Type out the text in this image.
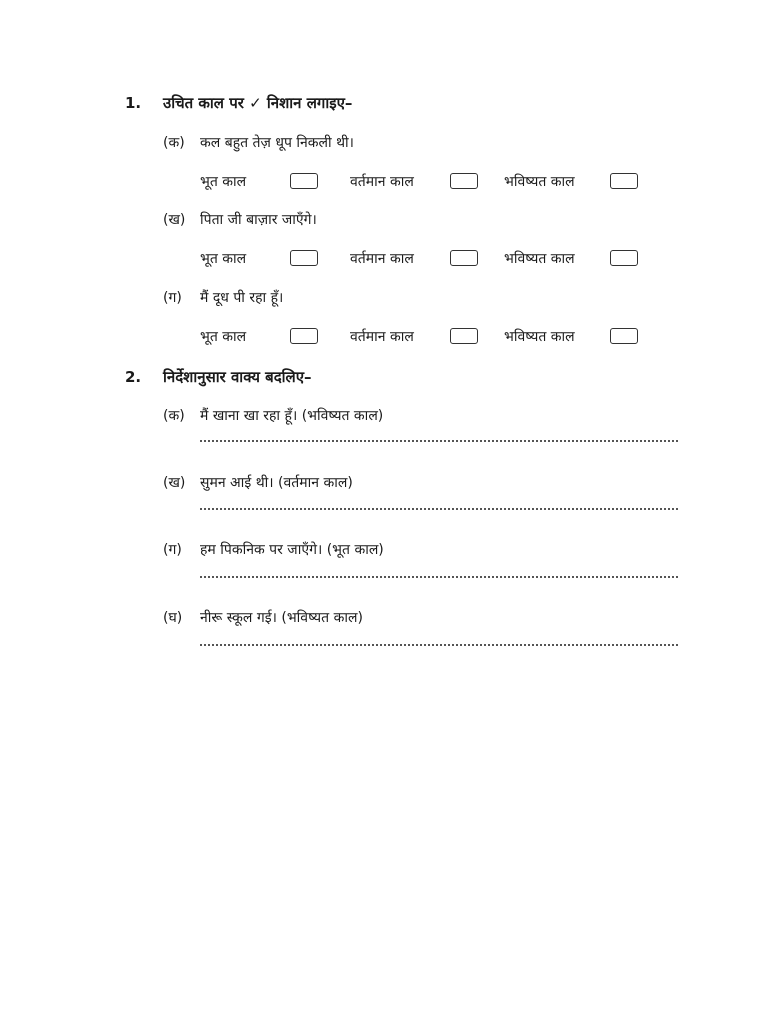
1. उचित काल पर ✓ निशान लगाइए–
(क) कल बहुत तेज़ धूप निकली थी।
भूत काल	वर्तमान काल	भविष्यत काल
(ख) पिता जी बाज़ार जाएँगे।
भूत काल	वर्तमान काल	भविष्यत काल
(ग) मैं दूध पी रहा हूँ।
भूत काल	वर्तमान काल	भविष्यत काल
2. निर्देशानुसार वाक्य बदलिए–
(क) मैं खाना खा रहा हूँ। (भविष्यत काल)
(ख) सुमन आई थी। (वर्तमान काल)
(ग) हम पिकनिक पर जाएँगे। (भूत काल)
(घ) नीरू स्कूल गई। (भविष्यत काल)
